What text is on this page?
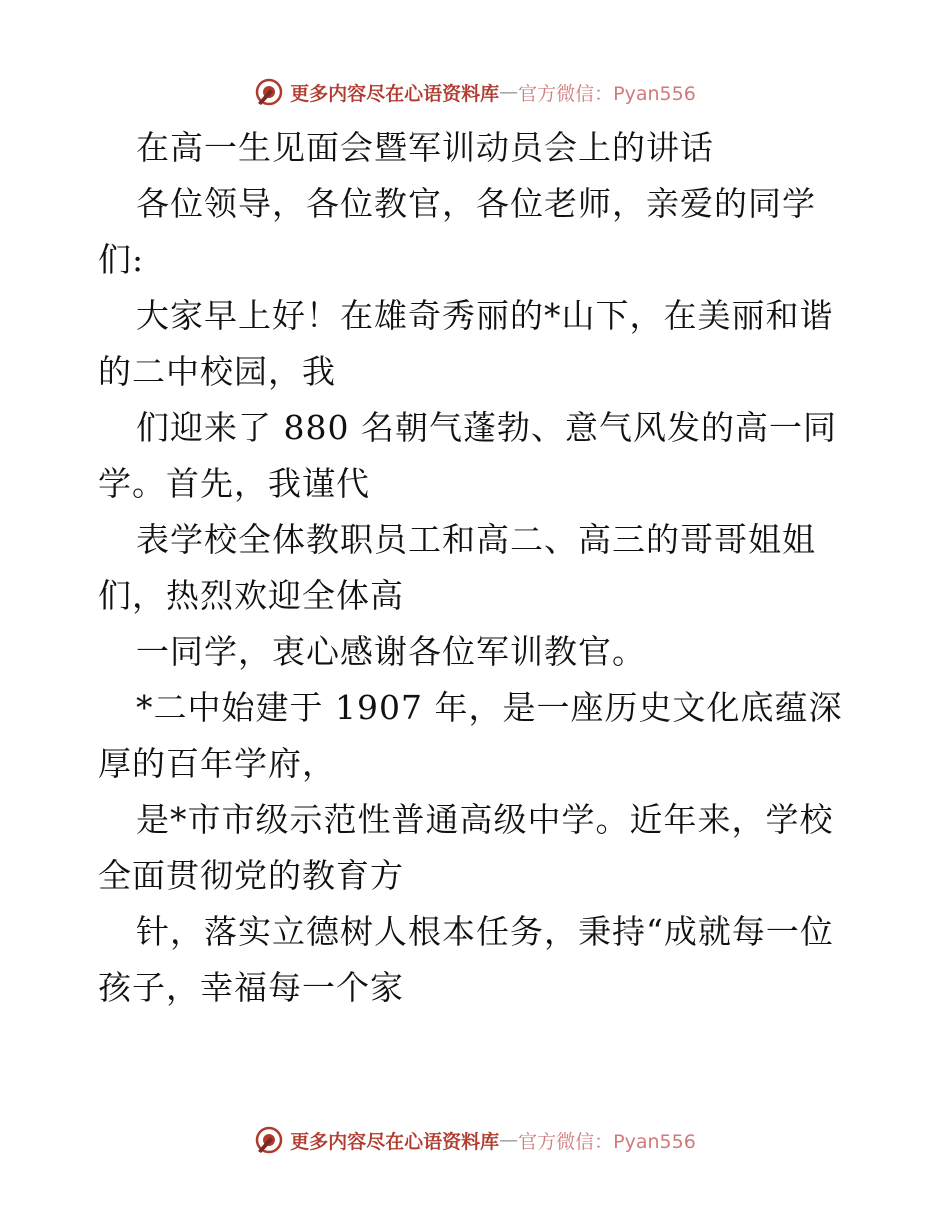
更多内容尽在心语资料库 — 官方微信：Pyan556
在高一生见面会暨军训动员会上的讲话
各位领导，各位教官，各位老师，亲爱的同学
们:
大家早上好！在雄奇秀丽的*山下，在美丽和谐
的二中校园，我
们迎来了 880 名朝气蓬勃、意气风发的高一同
学。首先，我谨代
表学校全体教职员工和高二、高三的哥哥姐姐
们，热烈欢迎全体高
一同学，衷心感谢各位军训教官。
*二中始建于 1907 年，是一座历史文化底蕴深
厚的百年学府，
是*市市级示范性普通高级中学。近年来，学校
全面贯彻党的教育方
针，落实立德树人根本任务，秉持“成就每一位
孩子，幸福每一个家
更多内容尽在心语资料库 — 官方微信：Pyan556
